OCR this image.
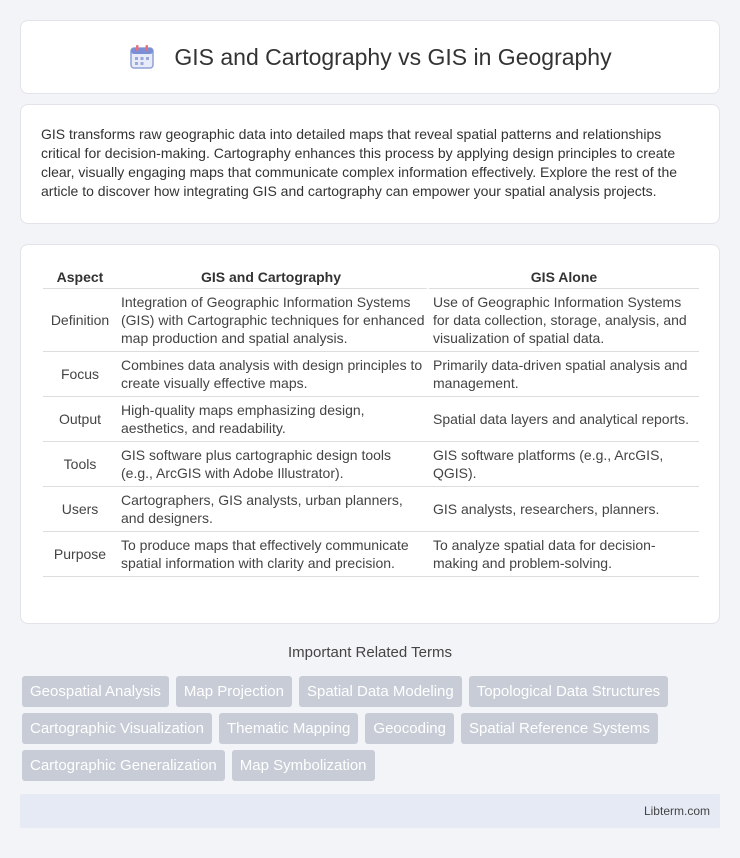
GIS and Cartography vs GIS in Geography

GIS transforms raw geographic data into detailed maps that reveal spatial patterns and relationships critical for decision-making. Cartography enhances this process by applying design principles to create clear, visually engaging maps that communicate complex information effectively. Explore the rest of the article to discover how integrating GIS and cartography can empower your spatial analysis projects.

Aspect	GIS and Cartography	GIS Alone
Definition	Integration of Geographic Information Systems (GIS) with Cartographic techniques for enhanced map production and spatial analysis.	Use of Geographic Information Systems for data collection, storage, analysis, and visualization of spatial data.
Focus	Combines data analysis with design principles to create visually effective maps.	Primarily data-driven spatial analysis and management.
Output	High-quality maps emphasizing design, aesthetics, and readability.	Spatial data layers and analytical reports.
Tools	GIS software plus cartographic design tools (e.g., ArcGIS with Adobe Illustrator).	GIS software platforms (e.g., ArcGIS, QGIS).
Users	Cartographers, GIS analysts, urban planners, and designers.	GIS analysts, researchers, planners.
Purpose	To produce maps that effectively communicate spatial information with clarity and precision.	To analyze spatial data for decision-making and problem-solving.
Important Related Terms
Geospatial Analysis	Map Projection	Spatial Data Modeling	Topological Data Structures
Cartographic Visualization	Thematic Mapping	Geocoding	Spatial Reference Systems
Cartographic Generalization	Map Symbolization
Libterm.com
